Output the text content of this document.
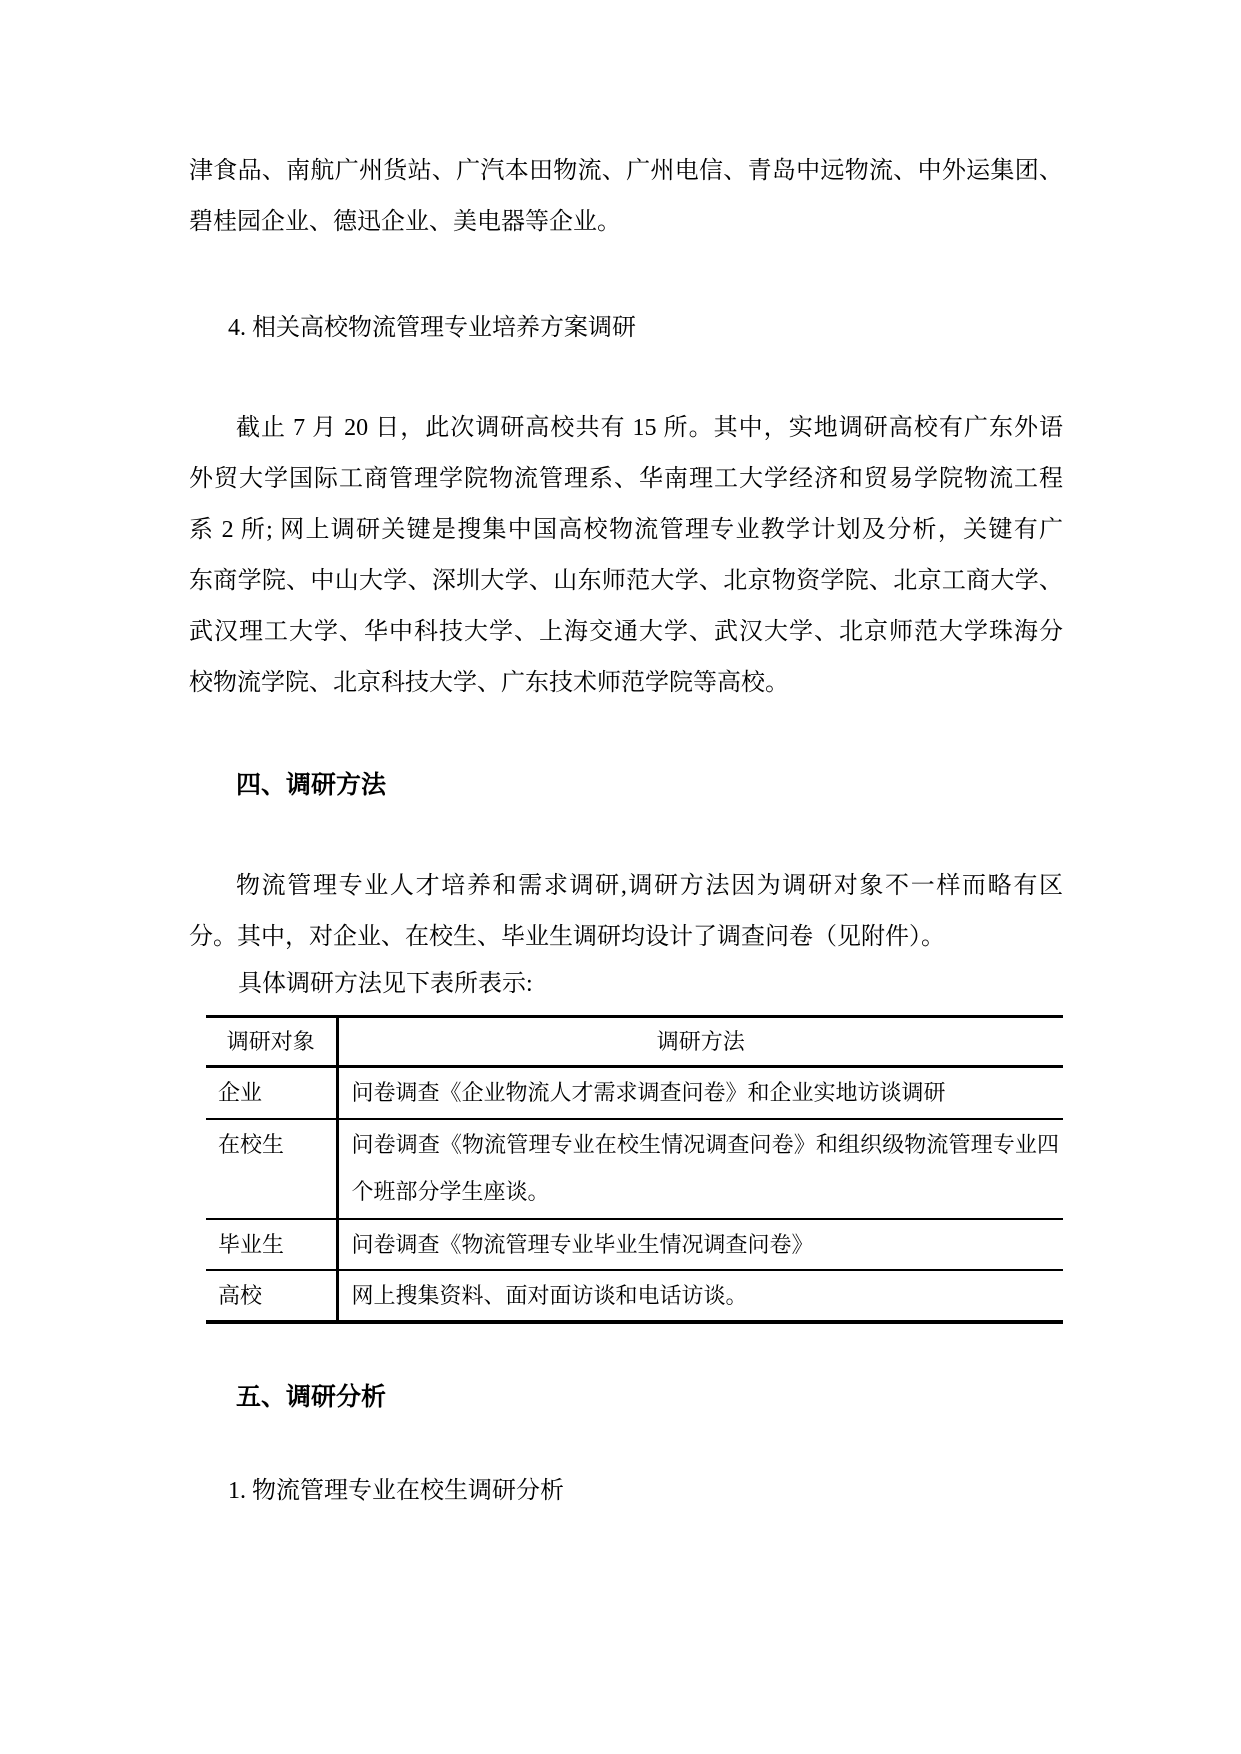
津食品、南航广州货站、广汽本田物流、广州电信、青岛中远物流、中外运集团、
碧桂园企业、德迅企业、美电器等企业。
4. 相关高校物流管理专业培养方案调研
截止 7 月 20 日，此次调研高校共有 15 所。其中，实地调研高校有广东外语
外贸大学国际工商管理学院物流管理系、华南理工大学经济和贸易学院物流工程
系 2 所; 网上调研关键是搜集中国高校物流管理专业教学计划及分析，关键有广
东商学院、中山大学、深圳大学、山东师范大学、北京物资学院、北京工商大学、
武汉理工大学、华中科技大学、上海交通大学、武汉大学、北京师范大学珠海分
校物流学院、北京科技大学、广东技术师范学院等高校。
四、调研方法
物流管理专业人才培养和需求调研,调研方法因为调研对象不一样而略有区
分。其中，对企业、在校生、毕业生调研均设计了调查问卷（见附件）。
具体调研方法见下表所表示:
调研对象	调研方法
企业	问卷调查《企业物流人才需求调查问卷》和企业实地访谈调研
在校生	问卷调查《物流管理专业在校生情况调查问卷》和组织级物流管理专业四个班部分学生座谈。
毕业生	问卷调查《物流管理专业毕业生情况调查问卷》
高校	网上搜集资料、面对面访谈和电话访谈。
五、调研分析
1. 物流管理专业在校生调研分析
